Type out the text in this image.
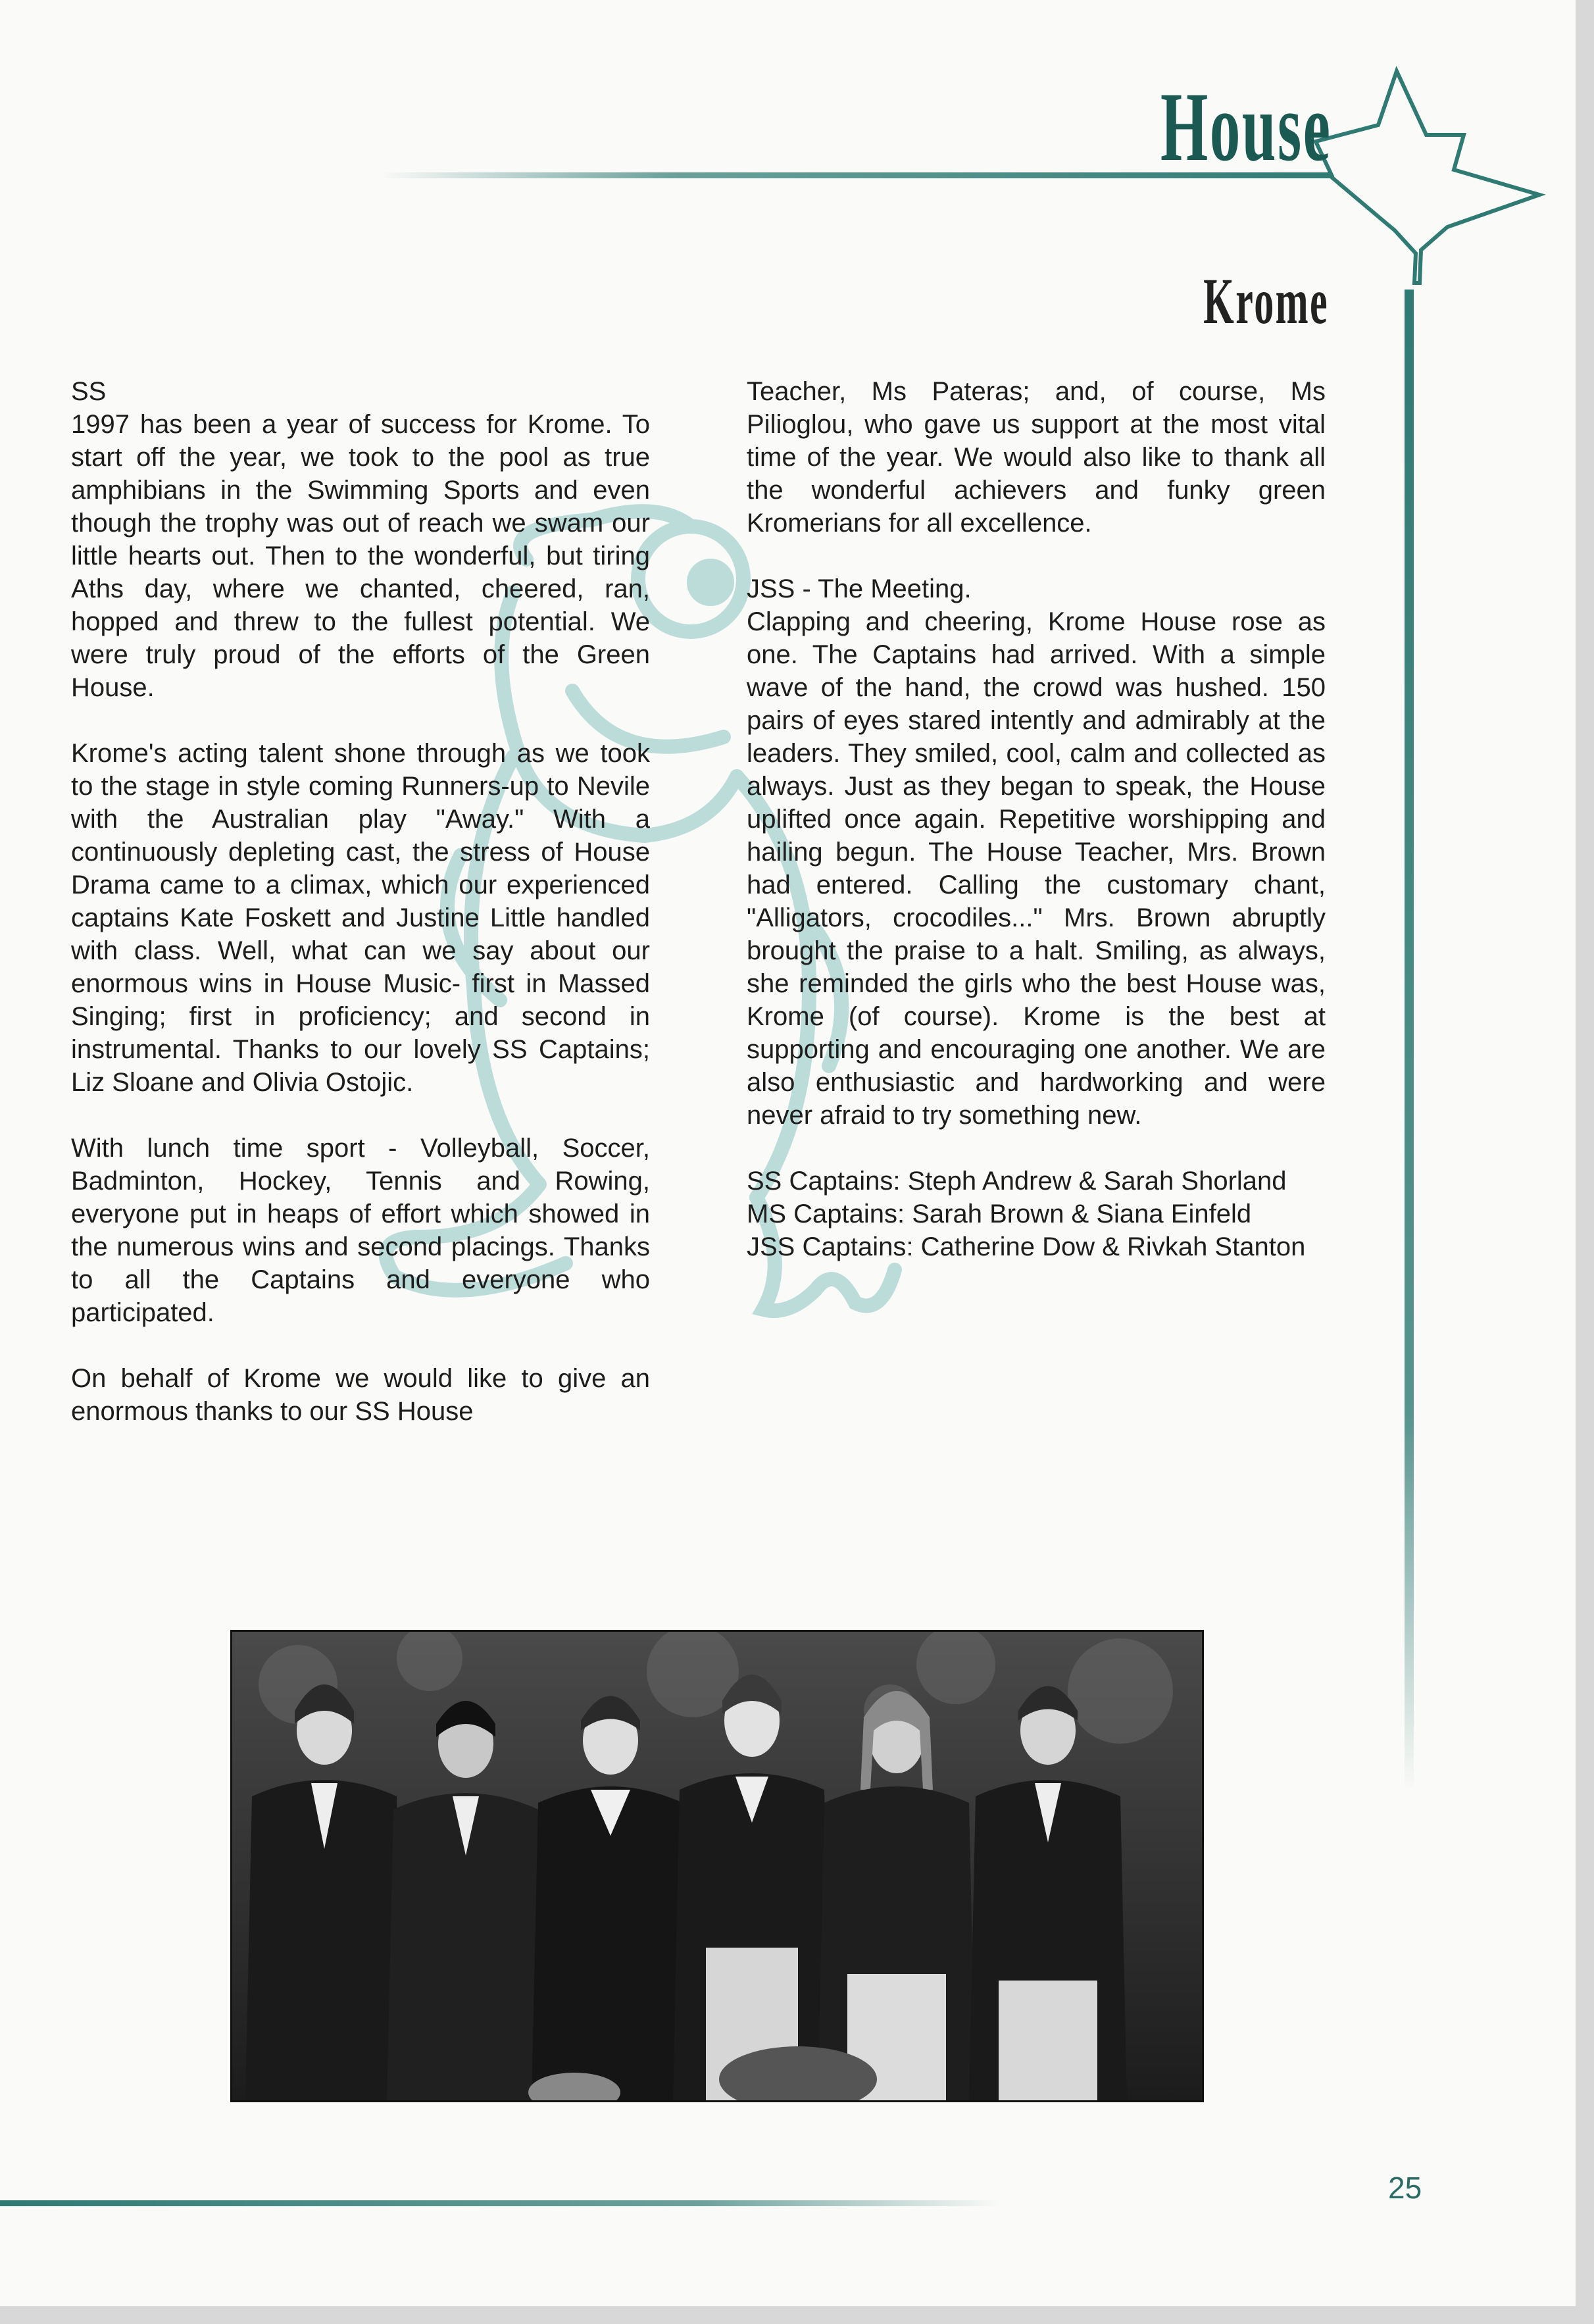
House
Krome
SS

1997 has been a year of success for Krome. To start off the year, we took to the pool as true amphibians in the Swimming Sports and even though the trophy was out of reach we swam our little hearts out. Then to the wonderful, but tiring Aths day, where we chanted, cheered, ran, hopped and threw to the fullest potential. We were truly proud of the efforts of the Green House.

Krome's acting talent shone through as we took to the stage in style coming Runners-up to Nevile with the Australian play "Away." With a continuously depleting cast, the stress of House Drama came to a climax, which our experienced captains Kate Foskett and Justine Little handled with class. Well, what can we say about our enormous wins in House Music- first in Massed Singing; first in proficiency; and second in instrumental. Thanks to our lovely SS Captains; Liz Sloane and Olivia Ostojic.

With lunch time sport - Volleyball, Soccer, Badminton, Hockey, Tennis and Rowing, everyone put in heaps of effort which showed in the numerous wins and second placings. Thanks to all the Captains and everyone who participated.

On behalf of Krome we would like to give an enormous thanks to our SS House

Teacher, Ms Pateras; and, of course, Ms Pilioglou, who gave us support at the most vital time of the year. We would also like to thank all the wonderful achievers and funky green Kromerians for all excellence.

JSS - The Meeting.

Clapping and cheering, Krome House rose as one. The Captains had arrived. With a simple wave of the hand, the crowd was hushed. 150 pairs of eyes stared intently and admirably at the leaders. They smiled, cool, calm and collected as always. Just as they began to speak, the House uplifted once again. Repetitive worshipping and hailing begun. The House Teacher, Mrs. Brown had entered. Calling the customary chant, "Alligators, crocodiles..." Mrs. Brown abruptly brought the praise to a halt. Smiling, as always, she reminded the girls who the best House was, Krome (of course). Krome is the best at supporting and encouraging one another. We are also enthusiastic and hardworking and were never afraid to try something new.

SS Captains: Steph Andrew & Sarah Shorland
MS Captains: Sarah Brown & Siana Einfeld
JSS Captains: Catherine Dow & Rivkah Stanton
25
